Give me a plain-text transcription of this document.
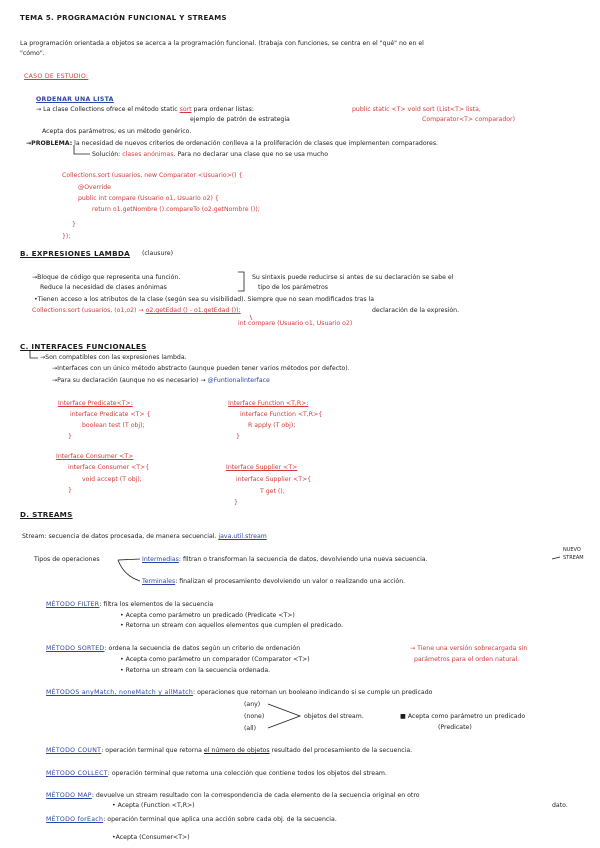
TEMA 5. PROGRAMACIÓN FUNCIONAL Y STREAMS
La programación orientada a objetos se acerca a la programación funcional. (trabaja con funciones, se centra en el "qué" no en el
"cómo".
CASO DE ESTUDIO:
ORDENAR UNA LISTA
→ La clase Collections ofrece el método static sort para ordenar listas:	public static <T> void sort (List<T> lista,
ejemplo de patrón de estrategia	Comparator<T> comparador)
Acepta dos parámetros, es un método genérico.
→PROBLEMA: la necesidad de nuevos criterios de ordenación conlleva a la proliferación de clases que implementen comparadores.
Solución: clases anónimas. Para no declarar una clase que no se usa mucho
Collections.sort (usuarios, new Comparator <Usuario>() {
@Override
public int compare (Usuario o1, Usuario o2) {
return o1.getNombre ().compareTo (o2.getNombre ());
}
});
B. EXPRESIONES LAMBDA (clausure)
→Bloque de código que representa una función.	Su sintaxis puede reducirse si antes de su declaración se sabe el
Reduce la necesidad de clases anónimas	tipo de los parámetros
•Tienen acceso a los atributos de la clase (según sea su visibilidad). Siempre que no sean modificados tras la
Collections.sort (usuarios, (o1,o2) → o2.getEdad () - o1.getEdad ());	declaración de la expresión.
int compare (Usuario o1, Usuario o2)
C. INTERFACES FUNCIONALES
→Son compatibles con las expresiones lambda.
→Interfaces con un único método abstracto (aunque pueden tener varios métodos por defecto).
→Para su declaración (aunque no es necesario) → @FuntionalInterface
Interface Predicate<T>:
interface Predicate <T> {
boolean test (T obj);
}
Interface Function <T,R>:
interface Function <T,R>{
R apply (T obj);
}
Interface Consumer <T>
interface Consumer <T>{
void accept (T obj);
}
Interface Supplier <T>
interface Supplier <T>{
T get ();
}
D. STREAMS
Stream: secuencia de datos procesada, de manera secuencial. java.util.stream
Tipos de operaciones	Intermedias: filtran o transforman la secuencia de datos, devolviendo una nueva secuencia.
NUEVO
STREAM
Terminales: finalizan el procesamiento devolviendo un valor o realizando una acción.
MÉTODO FILTER: filtra los elementos de la secuencia
• Acepta como parámetro un predicado (Predicate <T>)
• Retorna un stream con aquellos elementos que cumplen el predicado.
MÉTODO SORTED: ordena la secuencia de datos según un criterio de ordenación	→ Tiene una versión sobrecargada sin
parámetros para el orden natural.
• Acepta como parámetro un comparador (Comparator <T>)
• Retorna un stream con la secuencia ordenada.
MÉTODOS anyMatch, noneMatch y allMatch: operaciones que retornan un booleano indicando si se cumple un predicado
(any)
(none)
(all)
objetos del stream.	■ Acepta como parámetro un predicado
(Predicate)
MÉTODO COUNT: operación terminal que retorna el número de objetos resultado del procesamiento de la secuencia.
MÉTODO COLLECT: operación terminal que retorna una colección que contiene todos los objetos del stream.
MÉTODO MAP: devuelve un stream resultado con la correspondencia de cada elemento de la secuencia original en otro
• Acepta (Function <T,R>)	dato.
MÉTODO forEach: operación terminal que aplica una acción sobre cada obj. de la secuencia.
•Acepta (Consumer<T>)
